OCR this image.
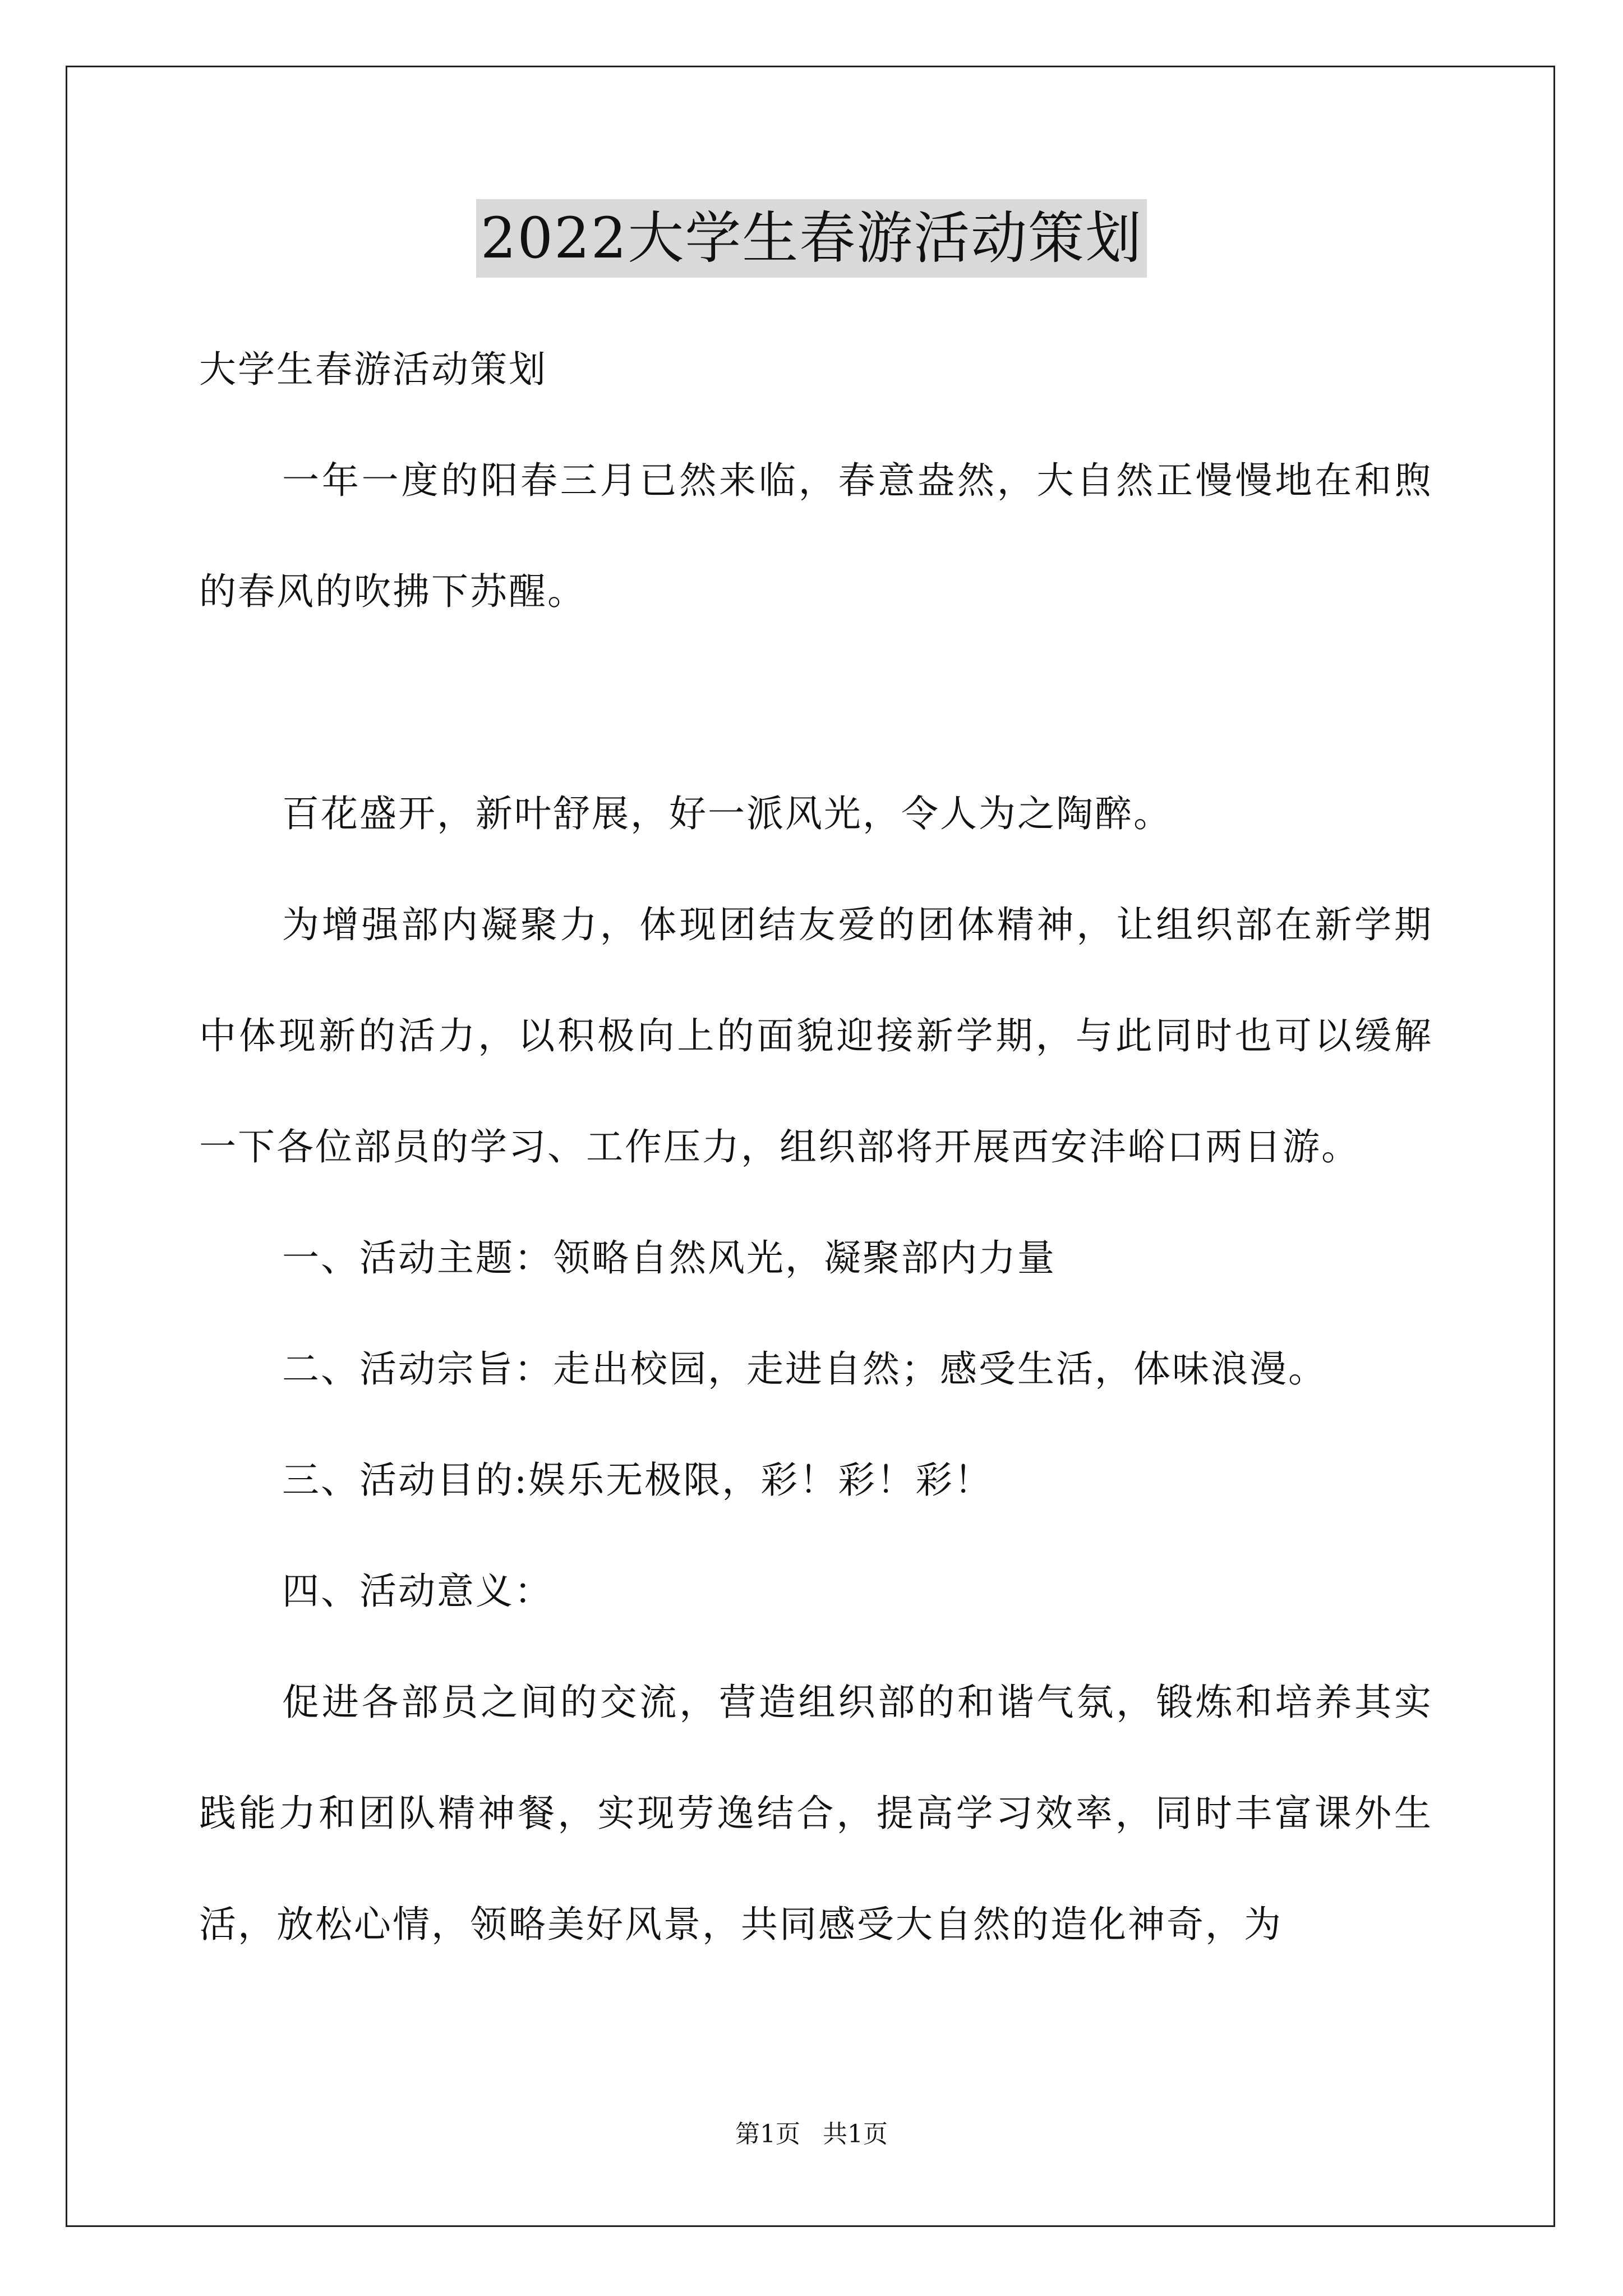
2022大学生春游活动策划

大学生春游活动策划

一年一度的阳春三月已然来临，春意盎然，大自然正慢慢地在和煦的春风的吹拂下苏醒。

百花盛开，新叶舒展，好一派风光，令人为之陶醉。

为增强部内凝聚力，体现团结友爱的团体精神，让组织部在新学期中体现新的活力，以积极向上的面貌迎接新学期，与此同时也可以缓解一下各位部员的学习、工作压力，组织部将开展西安沣峪口两日游。

一、活动主题：领略自然风光，凝聚部内力量

二、活动宗旨：走出校园，走进自然；感受生活，体味浪漫。

三、活动目的:娱乐无极限，彩！彩！彩！

四、活动意义：

促进各部员之间的交流，营造组织部的和谐气氛，锻炼和培养其实践能力和团队精神餐，实现劳逸结合，提高学习效率，同时丰富课外生活，放松心情，领略美好风景，共同感受大自然的造化神奇，为

第1页 共1页
